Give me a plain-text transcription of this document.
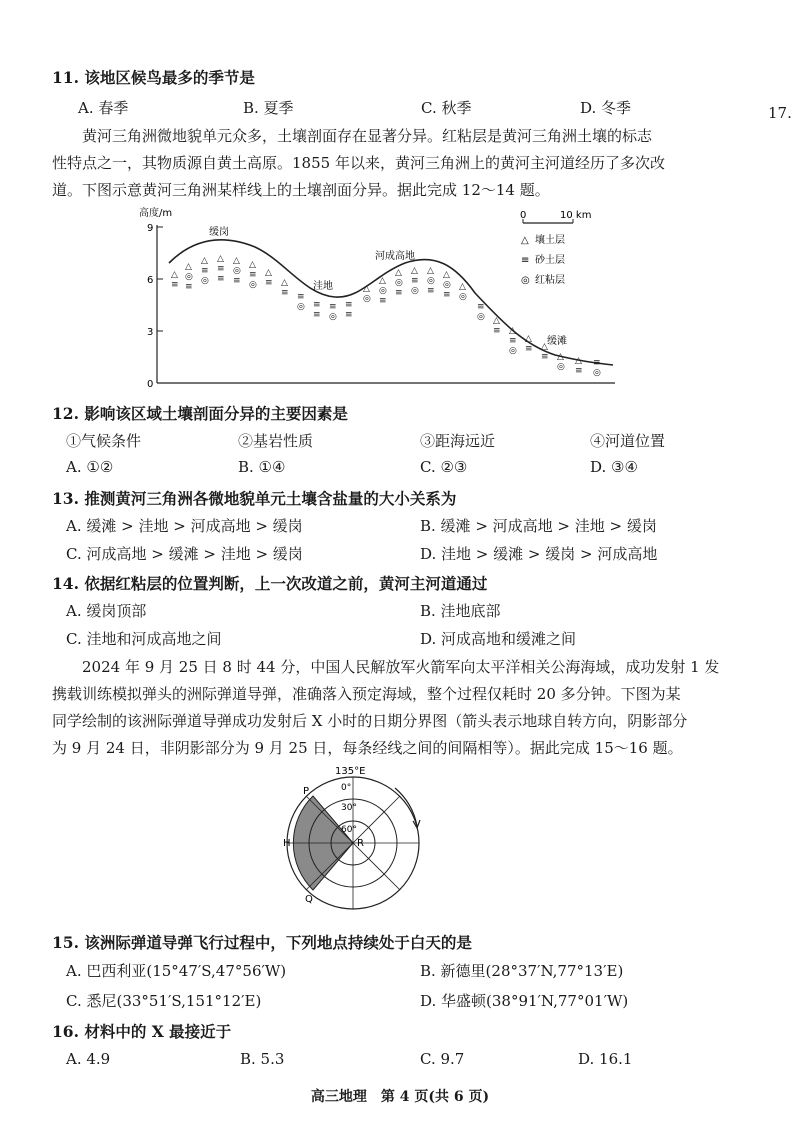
17.
11. 该地区候鸟最多的季节是
A. 春季	B. 夏季	C. 秋季	D. 冬季
黄河三角洲微地貌单元众多，土壤剖面存在显著分异。红粘层是黄河三角洲土壤的标志
性特点之一，其物质源自黄土高原。1855 年以来，黄河三角洲上的黄河主河道经历了多次改
道。下图示意黄河三角洲某样线上的土壤剖面分异。据此完成 12～14 题。
高度/m
9
6
3
0
△
≡
△
◎
≡
△
≡
◎
△
≡
≡
△
◎
≡
△
≡
◎
△
≡ △
≡ ≡
◎ ≡
≡
≡
◎
≡
≡
△
◎
△
◎
≡
△
◎
≡
△
≡
◎
△
◎
≡
△
◎
≡
△
◎
≡
◎ △
≡ △
≡
◎
△
≡ △
≡ △
◎
△
≡
≡
◎
缓岗
洼地
河成高地
缓滩
0	10 km
△ 壤土层
≡ 砂土层
◎ 红粘层
12. 影响该区域土壤剖面分异的主要因素是
①气候条件	②基岩性质	③距海远近	④河道位置
A. ①②	B. ①④	C. ②③	D. ③④
13. 推测黄河三角洲各微地貌单元土壤含盐量的大小关系为
A. 缓滩 > 洼地 > 河成高地 > 缓岗	B. 缓滩 > 河成高地 > 洼地 > 缓岗
C. 河成高地 > 缓滩 > 洼地 > 缓岗	D. 洼地 > 缓滩 > 缓岗 > 河成高地
14. 依据红粘层的位置判断，上一次改道之前，黄河主河道通过
A. 缓岗顶部	B. 洼地底部
C. 洼地和河成高地之间	D. 河成高地和缓滩之间
2024 年 9 月 25 日 8 时 44 分，中国人民解放军火箭军向太平洋相关公海海域，成功发射 1 发
携载训练模拟弹头的洲际弹道导弹，准确落入预定海域，整个过程仅耗时 20 多分钟。下图为某
同学绘制的该洲际弹道导弹成功发射后 X 小时的日期分界图（箭头表示地球自转方向，阴影部分
为 9 月 24 日，非阴影部分为 9 月 25 日，每条经线之间的间隔相等）。据此完成 15～16 题。
135°E
0°
30°
60°
P
H
Q
R
15. 该洲际弹道导弹飞行过程中，下列地点持续处于白天的是
A. 巴西利亚(15°47′S,47°56′W)	B. 新德里(28°37′N,77°13′E)
C. 悉尼(33°51′S,151°12′E)	D. 华盛顿(38°91′N,77°01′W)
16. 材料中的 X 最接近于
A. 4.9	B. 5.3	C. 9.7	D. 16.1
高三地理　第 4 页(共 6 页)
